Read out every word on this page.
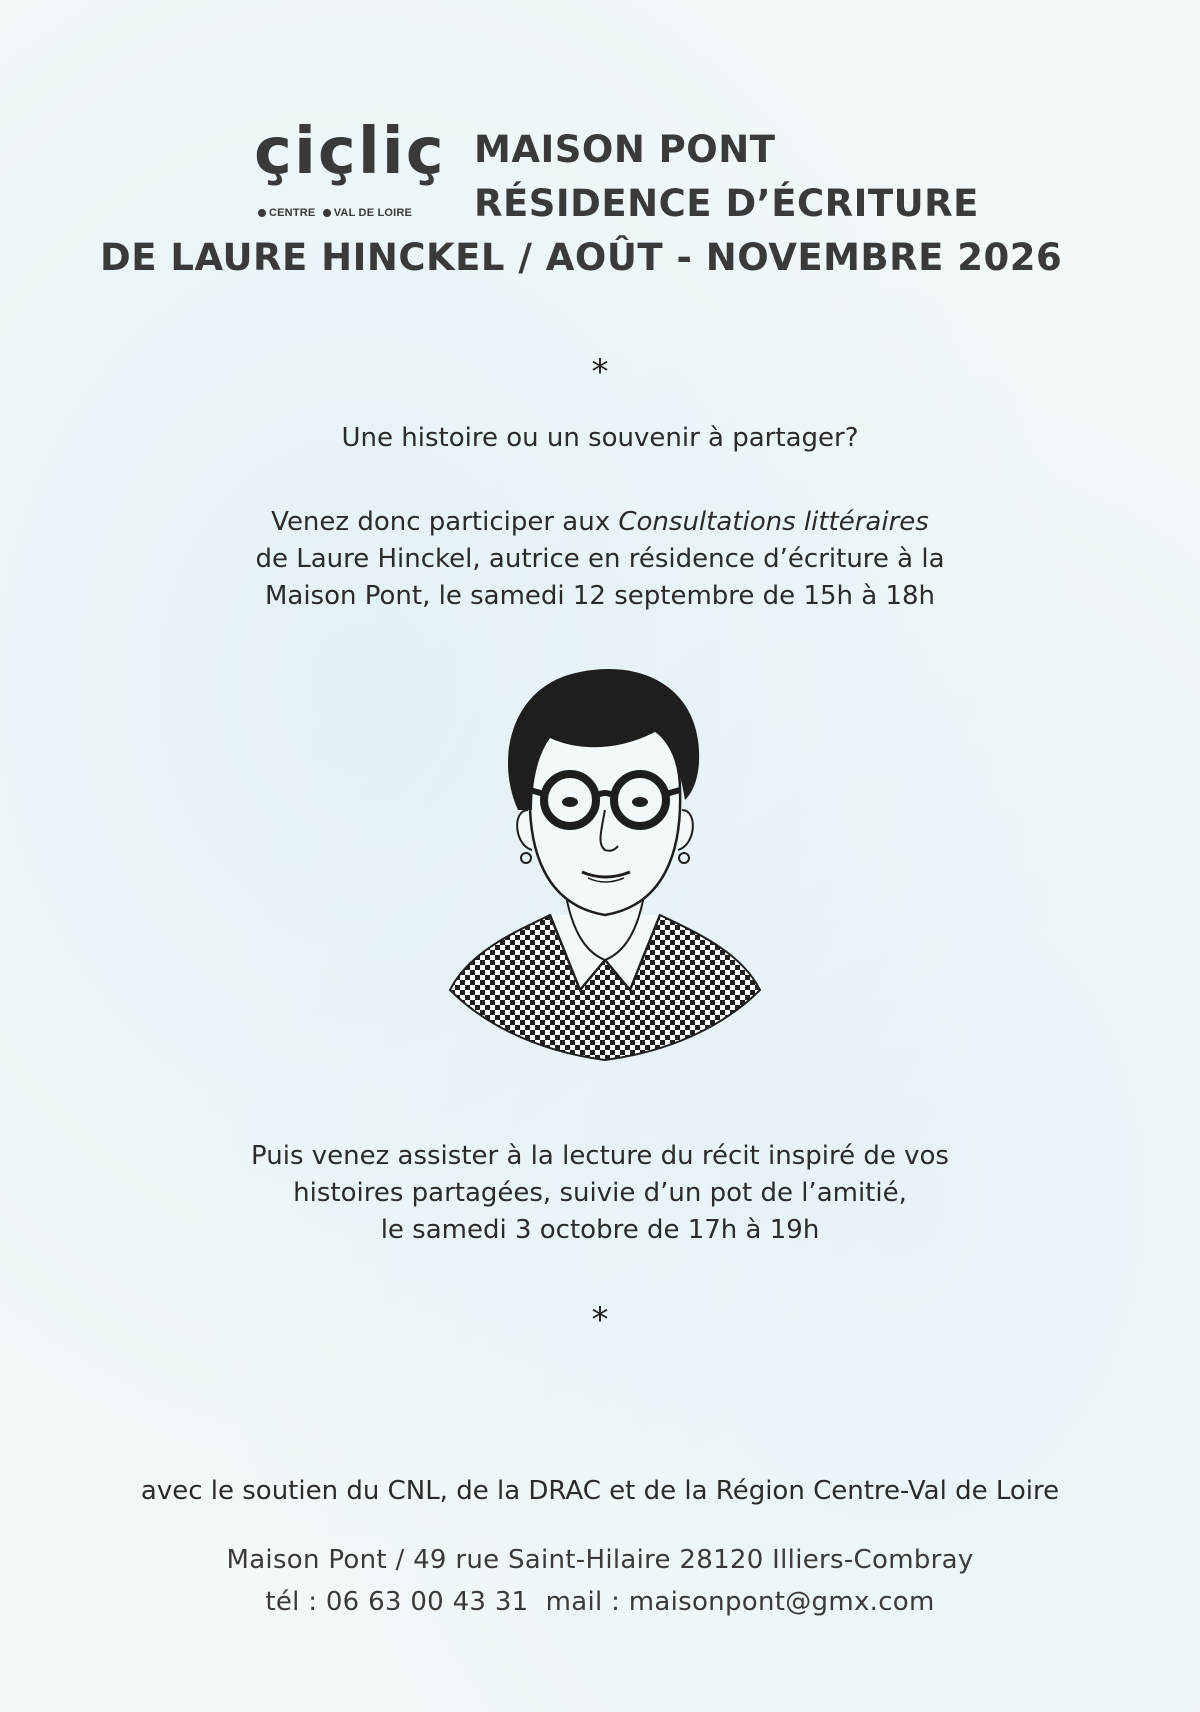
çiçliç
CENTRE VAL DE LOIRE
MAISON PONT
RÉSIDENCE D’ÉCRITURE
DE LAURE HINCKEL / AOÛT - NOVEMBRE 2026
*
Une histoire ou un souvenir à partager?
Venez donc participer aux Consultations littéraires
de Laure Hinckel, autrice en résidence d’écriture à la
Maison Pont, le samedi 12 septembre de 15h à 18h
Puis venez assister à la lecture du récit inspiré de vos
histoires partagées, suivie d’un pot de l’amitié,
le samedi 3 octobre de 17h à 19h
*
avec le soutien du CNL, de la DRAC et de la Région Centre-Val de Loire
Maison Pont / 49 rue Saint-Hilaire 28120 Illiers-Combray
tél : 06 63 00 43 31  mail : maisonpont@gmx.com
